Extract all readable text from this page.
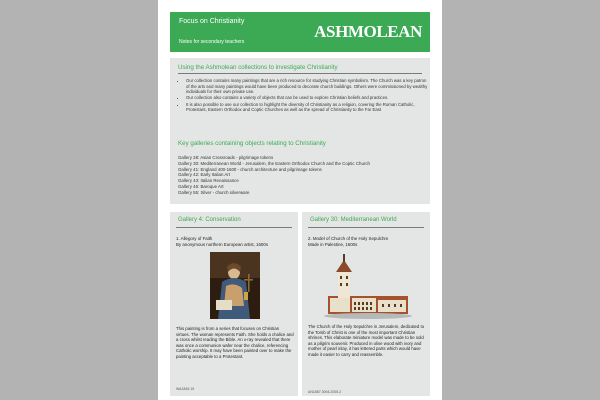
Focus on Christianity
Notes for secondary teachers
ASHMOLEAN
Using the Ashmolean collections to investigate Christianity
• Our collection contains many paintings that are a rich resource for studying Christian symbolism. The Church was a key patron of the arts and many paintings would have been produced to decorate church buildings. Others were commissioned by wealthy individuals for their own private use.
• Our collection also contains a variety of objects that can be used to explore Christian beliefs and practices.
• It is also possible to use our collection to highlight the diversity of Christianity as a religion, covering the Roman Catholic, Protestant, Eastern Orthodox and Coptic Churches as well as the spread of Christianity to the Far East
Key galleries containing objects relating to Christianity
Gallery 28: Asian Crossroads - pilgrimage tokens
Gallery 30: Mediterranean World - Jerusalem, the Eastern Orthodox Church and the Coptic Church
Gallery 41: England 400-1600 - church architecture and pilgrimage tokens
Gallery 42: Early Italian Art
Gallery 43: Italian Renaissance
Gallery 46: Baroque Art
Gallery 55: Silver - church silverware
Gallery 4: Conservation
1. Allegory of Faith
By anonymous northern European artist, 1600s
This painting is from a series that focuses on Christian virtues. The woman represents Faith. She holds a chalice and a cross whilst reading the Bible. An x-ray revealed that there was once a communion wafer near the chalice, referencing Catholic worship. It may have been painted over to make the painting acceptable to a Protestant.
WA1845.15
Gallery 30: Mediterranean World
2. Model of Church of the Holy Sepulchre
Made in Palestine, 1600s
The Church of the Holy Sepulchre in Jerusalem, dedicated to the Tomb of Christ is one of the most important Christian shrines. This elaborate miniature model was made to be sold as a pilgrim souvenir. Produced in olive wood with ivory and mother of pearl inlay, it has lettered parts which would have made it easier to carry and reassemble.
AN1887.3094.2005.2
